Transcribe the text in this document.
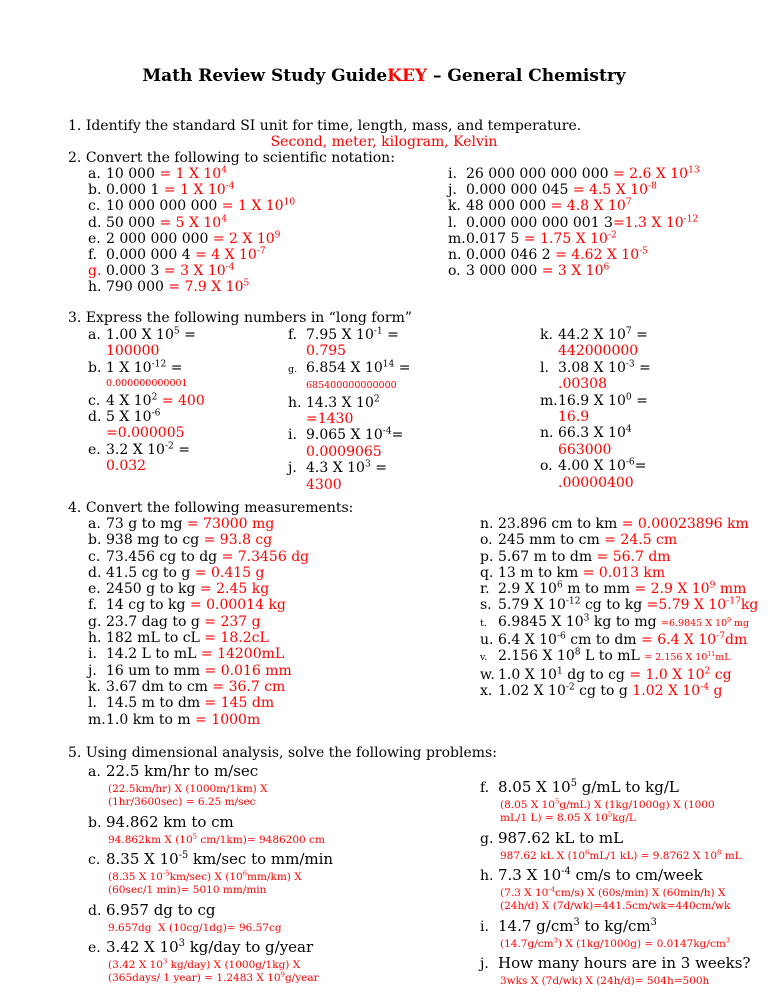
Math Review Study GuideKEY – General Chemistry
1. Identify the standard SI unit for time, length, mass, and temperature.
Second, meter, kilogram, Kelvin
2. Convert the following to scientific notation:
a. 10 000 = 1 X $10^4$
b. 0.000 1 = 1 X $10^{-4}$
c. 10 000 000 000 = 1 X $10^{10}$
d. 50 000 = 5 X $10^4$
e. 2 000 000 000 = 2 X $10^9$
f. 0.000 000 4 = 4 X $10^{-7}$
g. 0.000 3 = 3 X $10^{-4}$
h. 790 000 = 7.9 X $10^5$
i. 26 000 000 000 000 = 2.6 X $10^{13}$
j. 0.000 000 045 = 4.5 X $10^{-8}$
k. 48 000 000 = 4.8 X $10^7$
l. 0.000 000 000 001 3=1.3 X $10^{-12}$
m.0.017 5 = 1.75 X $10^{-2}$
n. 0.000 046 2 = 4.62 X $10^{-5}$
o. 3 000 000 = 3 X $10^6$
3. Express the following numbers in “long form”
a. 1.00 X $10^5$ =
100000
b. 1 X $10^{-12}$ =
0.000000000001
c. 4 X $10^2 = 400$
d. 5 X $10^{-6}$
=0.000005
e. 3.2 X $10^{-2}$ =
0.032
f. 7.95 X $10^{-1}$ =
0.795
g. 6.854 X $10^{14}$ =
685400000000000
h. 14.3 X $10^2$
=1430
i. 9.065 X $10^{-4}=$
0.0009065
j. 4.3 X $10^3$ =
4300
k. 44.2 X $10^7$ =
442000000
l. 3.08 X $10^{-3}$ =
.00308
m.16.9 X $10^0$ =
16.9
n. 66.3 X $10^4$
663000
o. 4.00 X $10^{-6}=$
.00000400
4. Convert the following measurements:
a. 73 g to mg = 73000 mg
b. 938 mg to cg = 93.8 cg
c. 73.456 cg to dg = 7.3456 dg
d. 41.5 cg to g = 0.415 g
e. 2450 g to kg = 2.45 kg
f. 14 cg to kg = 0.00014 kg
g. 23.7 dag to g = 237 g
h. 182 mL to cL = 18.2cL
i. 14.2 L to mL = 14200mL
j. 16 um to mm = 0.016 mm
k. 3.67 dm to cm = 36.7 cm
l. 14.5 m to dm = 145 dm
m.1.0 km to m = 1000m
n. 23.896 cm to km = 0.00023896 km
o. 245 mm to cm = 24.5 cm
p. 5.67 m to dm = 56.7 dm
q. 13 m to km = 0.013 km
r. 2.9 X $10^6$ m to mm = 2.9 X $10^9$ mm
s. 5.79 X $10^{-12}$ cg to kg =5.79 X $10^{-17}kg$
t. 6.9845 X $10^3$ kg to mg =6.9845 X $10^9$ mg
u. 6.4 X $10^{-6}$ cm to dm = 6.4 X $10^{-7}dm$
v. 2.156 X $10^8$ L to mL = 2.156 X $10^{11}mL$
w. 1.0 X $10^1$ dg to cg = 1.0 X $10^2$ cg
x. 1.02 X $10^{-2}$ cg to g 1.02 X $10^{-4}$ g
5. Using dimensional analysis, solve the following problems:
a. 22.5 km/hr to m/sec
(22.5km/hr) X (1000m/1km) X
(1hr/3600sec) = 6.25 m/sec
b. 94.862 km to cm
94.862km X ($10^5$ cm/1km)= 9486200 cm
c. 8.35 X $10^{-5}$ km/sec to mm/min
(8.35 X $10^{-5}km/\sec$) X $(10^6mm/km)$ X
(60sec/1 min)= 5010 mm/min
d. 6.957 dg to cg
9.657dg  X (10cg/1dg)= 96.57cg
e. 3.42 X $10^3$ kg/day to g/year
(3.42 X $10^3$ kg/day) X (1000g/1kg) X
(365days/ 1 year) = 1.2483 X $10^9g$/year
f. 8.05 X $10^5$ g/mL to kg/L
(8.05 X $10^5g/mL$) X (1kg/1000g) X (1000
mL/1 L) = 8.05 X $10^5kg/L$
g. 987.62 kL to mL
987.62 kL X ($10^6mL/1$ kL) = 9.8762 X $10^8$ mL
h. 7.3 X $10^{-4}$ cm/s to cm/week
(7.3 X $10^{-4}cm/s$) X (60s/min) X (60min/h) X
(24h/d) X (7d/wk)=441.5cm/wk=440cm/wk
i. 14.7 $g/cm^3$ to $kg/cm^3$
$(14.7g/cm^3)$ X $(1kg/1000g) = 0.0147kg/cm^3$
j. How many hours are in 3 weeks?
3wks X (7d/wk) X (24h/d)= 504h=500h
